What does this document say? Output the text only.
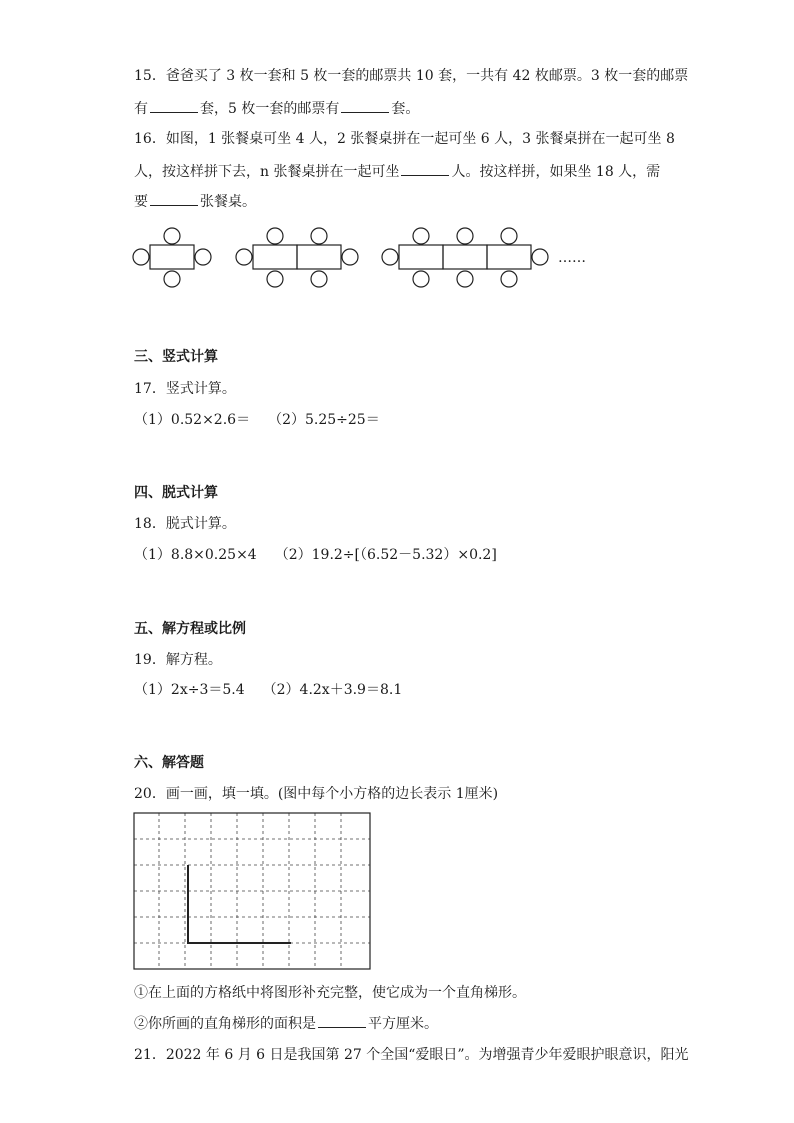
15．爸爸买了 3 枚一套和 5 枚一套的邮票共 10 套，一共有 42 枚邮票。3 枚一套的邮票
有	套，5 枚一套的邮票有	套。
16．如图，1 张餐桌可坐 4 人，2 张餐桌拼在一起可坐 6 人，3 张餐桌拼在一起可坐 8
人，按这样拼下去，n 张餐桌拼在一起可坐	人。按这样拼，如果坐 18 人，需
要	张餐桌。
……
三、竖式计算
17．竖式计算。
（1）0.52×2.6＝ （2）5.25÷25＝
四、脱式计算
18．脱式计算。
（1）8.8×0.25×4 （2）19.2÷[（6.52－5.32）×0.2]
五、解方程或比例
19．解方程。
（1）2x÷3＝5.4 （2）4.2x＋3.9＝8.1
六、解答题
20．画一画，填一填。(图中每个小方格的边长表示 1厘米)
①在上面的方格纸中将图形补充完整，使它成为一个直角梯形。
②你所画的直角梯形的面积是	平方厘米。
21．2022 年 6 月 6 日是我国第 27 个全国“爱眼日”。为增强青少年爱眼护眼意识，阳光
